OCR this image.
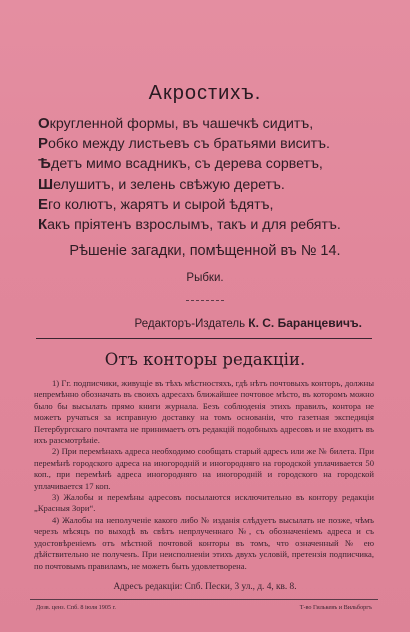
Акростихъ.
Округленной формы, въ чашечкѣ сидитъ,
Робко между листьевъ съ братьями виситъ.
Ѣдетъ мимо всадникъ, съ дерева сорветъ,
Шелушитъ, и зелень свѣжую деретъ.
Его колютъ, жарятъ и сырой ѣдятъ,
Какъ пріятенъ взрослымъ, такъ и для ребятъ.
Рѣшеніе загадки, помѣщенной въ № 14.
Рыбки.
Редакторъ-Издатель К. С. Баранцевичъ.
Отъ конторы редакціи.

1) Гг. подписчики, живущіе въ тѣхъ мѣстностяхъ, гдѣ нѣтъ почтовыхъ конторъ, должны непремѣнно обозначать въ своихъ адресахъ ближайшее почтовое мѣсто, въ которомъ можно было бы высылать прямо книги журнала. Безъ соблюденія этихъ правилъ, контора не можетъ ручаться за исправную доставку на томъ основаніи, что газетная экспедиція Петербургскаго почтамта не принимаетъ отъ редакцій подобныхъ адресовъ и не входитъ въ ихъ разсмотрѣніе.

2) При перемѣнахъ адреса необходимо сообщать старый адресъ или же № билета. При перемѣнѣ городского адреса на иногородній и иногородняго на городской уплачивается 50 коп., при перемѣнѣ адреса иногородняго на иногородній и городского на городской уплачивается 17 коп.

3) Жалобы и перемѣны адресовъ посылаются исключительно въ контору редакціи „Красныя Зори“.

4) Жалобы на неполученіе какого либо № изданія слѣдуетъ высылать не позже, чѣмъ черезъ мѣсяцъ по выходѣ въ свѣтъ непрлученнаго №, съ обозначеніемъ адреса и съ удостовѣреніемъ отъ мѣстной почтовой конторы въ томъ, что означенный № ею дѣйствительно не полученъ. При неисполненіи этихъ двухъ условій, претензія подписчика, по почтовымъ правиламъ, не можетъ быть удовлетворена.

Адресъ редакціи: Спб. Пески, 3 ул., д. 4, кв. 8.
Дозв. ценз. Спб. 8 іюля 1905 г.	Т-во Гилькевъ и Вильборгъ
